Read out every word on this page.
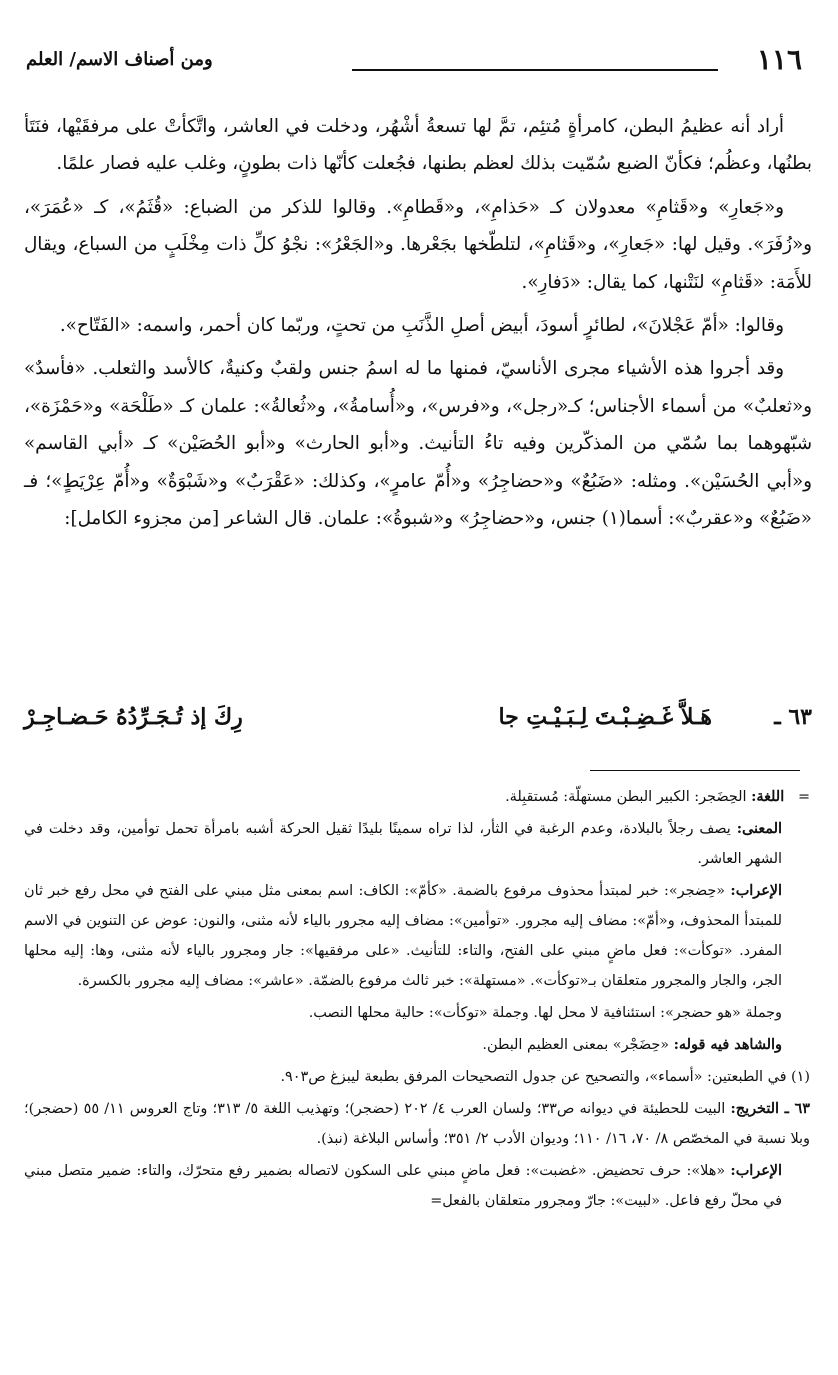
١١٦
ومن أصناف الاسم/ العلم

أراد أنه عظيمُ البطن، كامرأةٍ مُتئِم، تمَّ لها تسعةُ أشْهُر، ودخلت في العاشر، واتَّكأتْ على مرفقَيْها، فنَتَأ بطنُها، وعظُم؛ فكأنّ الضبع سُمّيت بذلك لعظم بطنها، فجُعلت كأنّها ذات بطونٍ، وغلب عليه فصار علمًا.

و«جَعارِ» و«قَثامِ» معدولان كـ «حَذامِ»، و«قَطامِ». وقالوا للذكر من الضباع: «قُثَمُ»، كـ «عُمَرَ»، و«زُفَرَ». وقيل لها: «جَعارِ»، و«قَثامِ»، لتلطّخها بجَعْرها. و«الجَعْرُ»: نجْوُ كلِّ ذات مِخْلَبٍ من السباع، ويقال للأَمَة: «قَثامِ» لنَتْنها، كما يقال: «دَفارِ».

وقالوا: «أمّ عَجْلانَ»، لطائرٍ أسودَ، أبيض أصلِ الذَّنَبِ من تحتٍ، وربّما كان أحمر، واسمه: «الفَتّاح».

وقد أجروا هذه الأشياء مجرى الأناسيّ، فمنها ما له اسمُ جنس ولقبٌ وكنيةٌ، كالأسد والثعلب. «فأسدٌ» و«ثعلبٌ» من أسماء الأجناس؛ كـ«رجل»، و«فرس»، و«أُسامةُ»، و«ثُعالةُ»: علمان كـ «طَلْحَة» و«حَمْزَة»، شبّهوهما بما سُمّي من المذكّرين وفيه تاءُ التأنيث. و«أبو الحارث» و«أبو الحُصَيْن» كـ «أبي القاسم» و«أبي الحُسَيْن». ومثله: «ضَبُعٌ» و«حضاجِرُ» و«أُمّ عامرٍ»، وكذلك: «عَقْرَبٌ» و«شَبْوَةٌ» و«أُمّ عِرْيَطٍ»؛ فـ «ضَبُعٌ» و«عقربٌ»: أسما(١) جنس، و«حضاجِرُ» و«شبوةُ»: علمان. قال الشاعر [من مجزوء الكامل]:

٦٣ ـ
هَـلاَّ غَـضِـبْـتَ لِـبَـيْـتِ جا
رِكَ إذ تُـجَـرِّدُهُ حَـضـاجِـرْ

=   اللغة: الحِضَجر: الكبير البطن مستهلّة: مُستقبِلة.

المعنى: يصف رجلاً بالبلادة، وعدم الرغبة في الثأر، لذا تراه سمينًا بليدًا ثقيل الحركة أشبه بامرأة تحمل توأمين، وقد دخلت في الشهر العاشر.

الإعراب: «حِضجر»: خبر لمبتدأ محذوف مرفوع بالضمة. «كأمّ»: الكاف: اسم بمعنى مثل مبني على الفتح في محل رفع خبر ثان للمبتدأ المحذوف، و«أمّ»: مضاف إليه مجرور. «توأمين»: مضاف إليه مجرور بالياء لأنه مثنى، والنون: عوض عن التنوين في الاسم المفرد. «توكأت»: فعل ماضٍ مبني على الفتح، والتاء: للتأنيث. «على مرفقيها»: جار ومجرور بالياء لأنه مثنى، وها: إليه محلها الجر، والجار والمجرور متعلقان بـ«توكأت». «مستهلة»: خبر ثالث مرفوع بالضمّة. «عاشر»: مضاف إليه مجرور بالكسرة.

وجملة «هو حضجر»: استئنافية لا محل لها. وجملة «توكأت»: حالية محلها النصب.

والشاهد فيه قوله: «حِضَجْر» بمعنى العظيم البطن.

(١) في الطبعتين: «أسماء»، والتصحيح عن جدول التصحيحات المرفق بطبعة ليبزغ ص٩٠٣.

٦٣ ـ التخريج: البيت للحطيئة في ديوانه ص٣٣؛ ولسان العرب ٤/ ٢٠٢ (حضجر)؛ وتهذيب اللغة ٥/ ٣١٣؛ وتاج العروس ١١/ ٥٥ (حضجر)؛ وبلا نسبة في المخصّص ٨/ ٧٠، ١٦/ ١١٠؛ وديوان الأدب ٢/ ٣٥١؛ وأساس البلاغة (نبذ).

الإعراب: «هلا»: حرف تحضيض. «غضبت»: فعل ماضٍ مبني على السكون لاتصاله بضمير رفع متحرّك، والتاء: ضمير متصل مبني في محلّ رفع فاعل. «لبيت»: جارّ ومجرور متعلقان بالفعل=
